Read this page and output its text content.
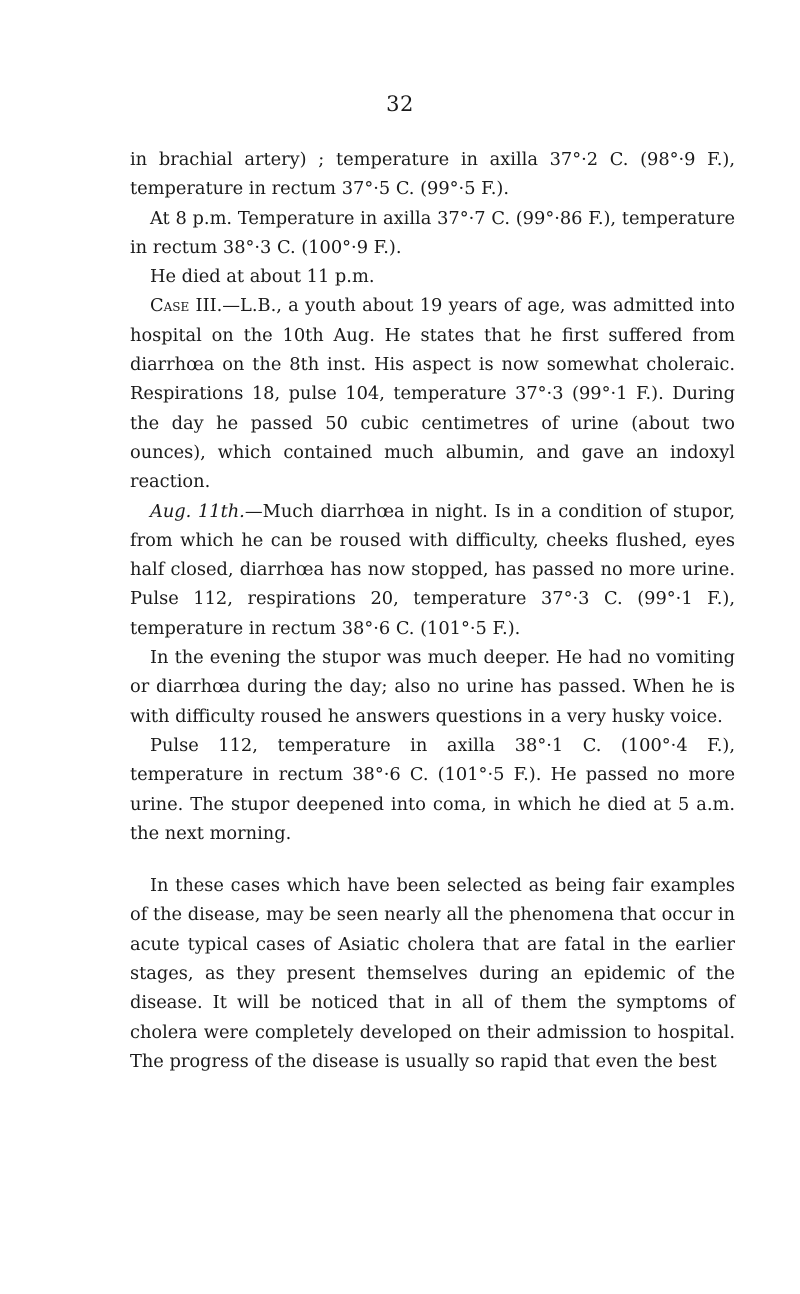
32

in brachial artery) ; temperature in axilla 37°·2 C. (98°·9 F.), temperature in rectum 37°·5 C. (99°·5 F.).

At 8 p.m. Temperature in axilla 37°·7 C. (99°·86 F.), temperature in rectum 38°·3 C. (100°·9 F.).

He died at about 11 p.m.

Case III.—L.B., a youth about 19 years of age, was admitted into hospital on the 10th Aug. He states that he first suffered from diarrhœa on the 8th inst. His aspect is now somewhat choleraic. Respirations 18, pulse 104, temperature 37°·3 (99°·1 F.). During the day he passed 50 cubic centimetres of urine (about two ounces), which contained much albumin, and gave an indoxyl reaction.

Aug. 11th.—Much diarrhœa in night. Is in a condition of stupor, from which he can be roused with difficulty, cheeks flushed, eyes half closed, diarrhœa has now stopped, has passed no more urine. Pulse 112, respirations 20, temperature 37°·3 C. (99°·1 F.), temperature in rectum 38°·6 C. (101°·5 F.).

In the evening the stupor was much deeper. He had no vomiting or diarrhœa during the day; also no urine has passed. When he is with difficulty roused he answers questions in a very husky voice.

Pulse 112, temperature in axilla 38°·1 C. (100°·4 F.), temperature in rectum 38°·6 C. (101°·5 F.). He passed no more urine. The stupor deepened into coma, in which he died at 5 a.m. the next morning.

In these cases which have been selected as being fair examples of the disease, may be seen nearly all the phenomena that occur in acute typical cases of Asiatic cholera that are fatal in the earlier stages, as they present themselves during an epidemic of the disease. It will be noticed that in all of them the symptoms of cholera were completely developed on their admission to hospital. The progress of the disease is usually so rapid that even the best
